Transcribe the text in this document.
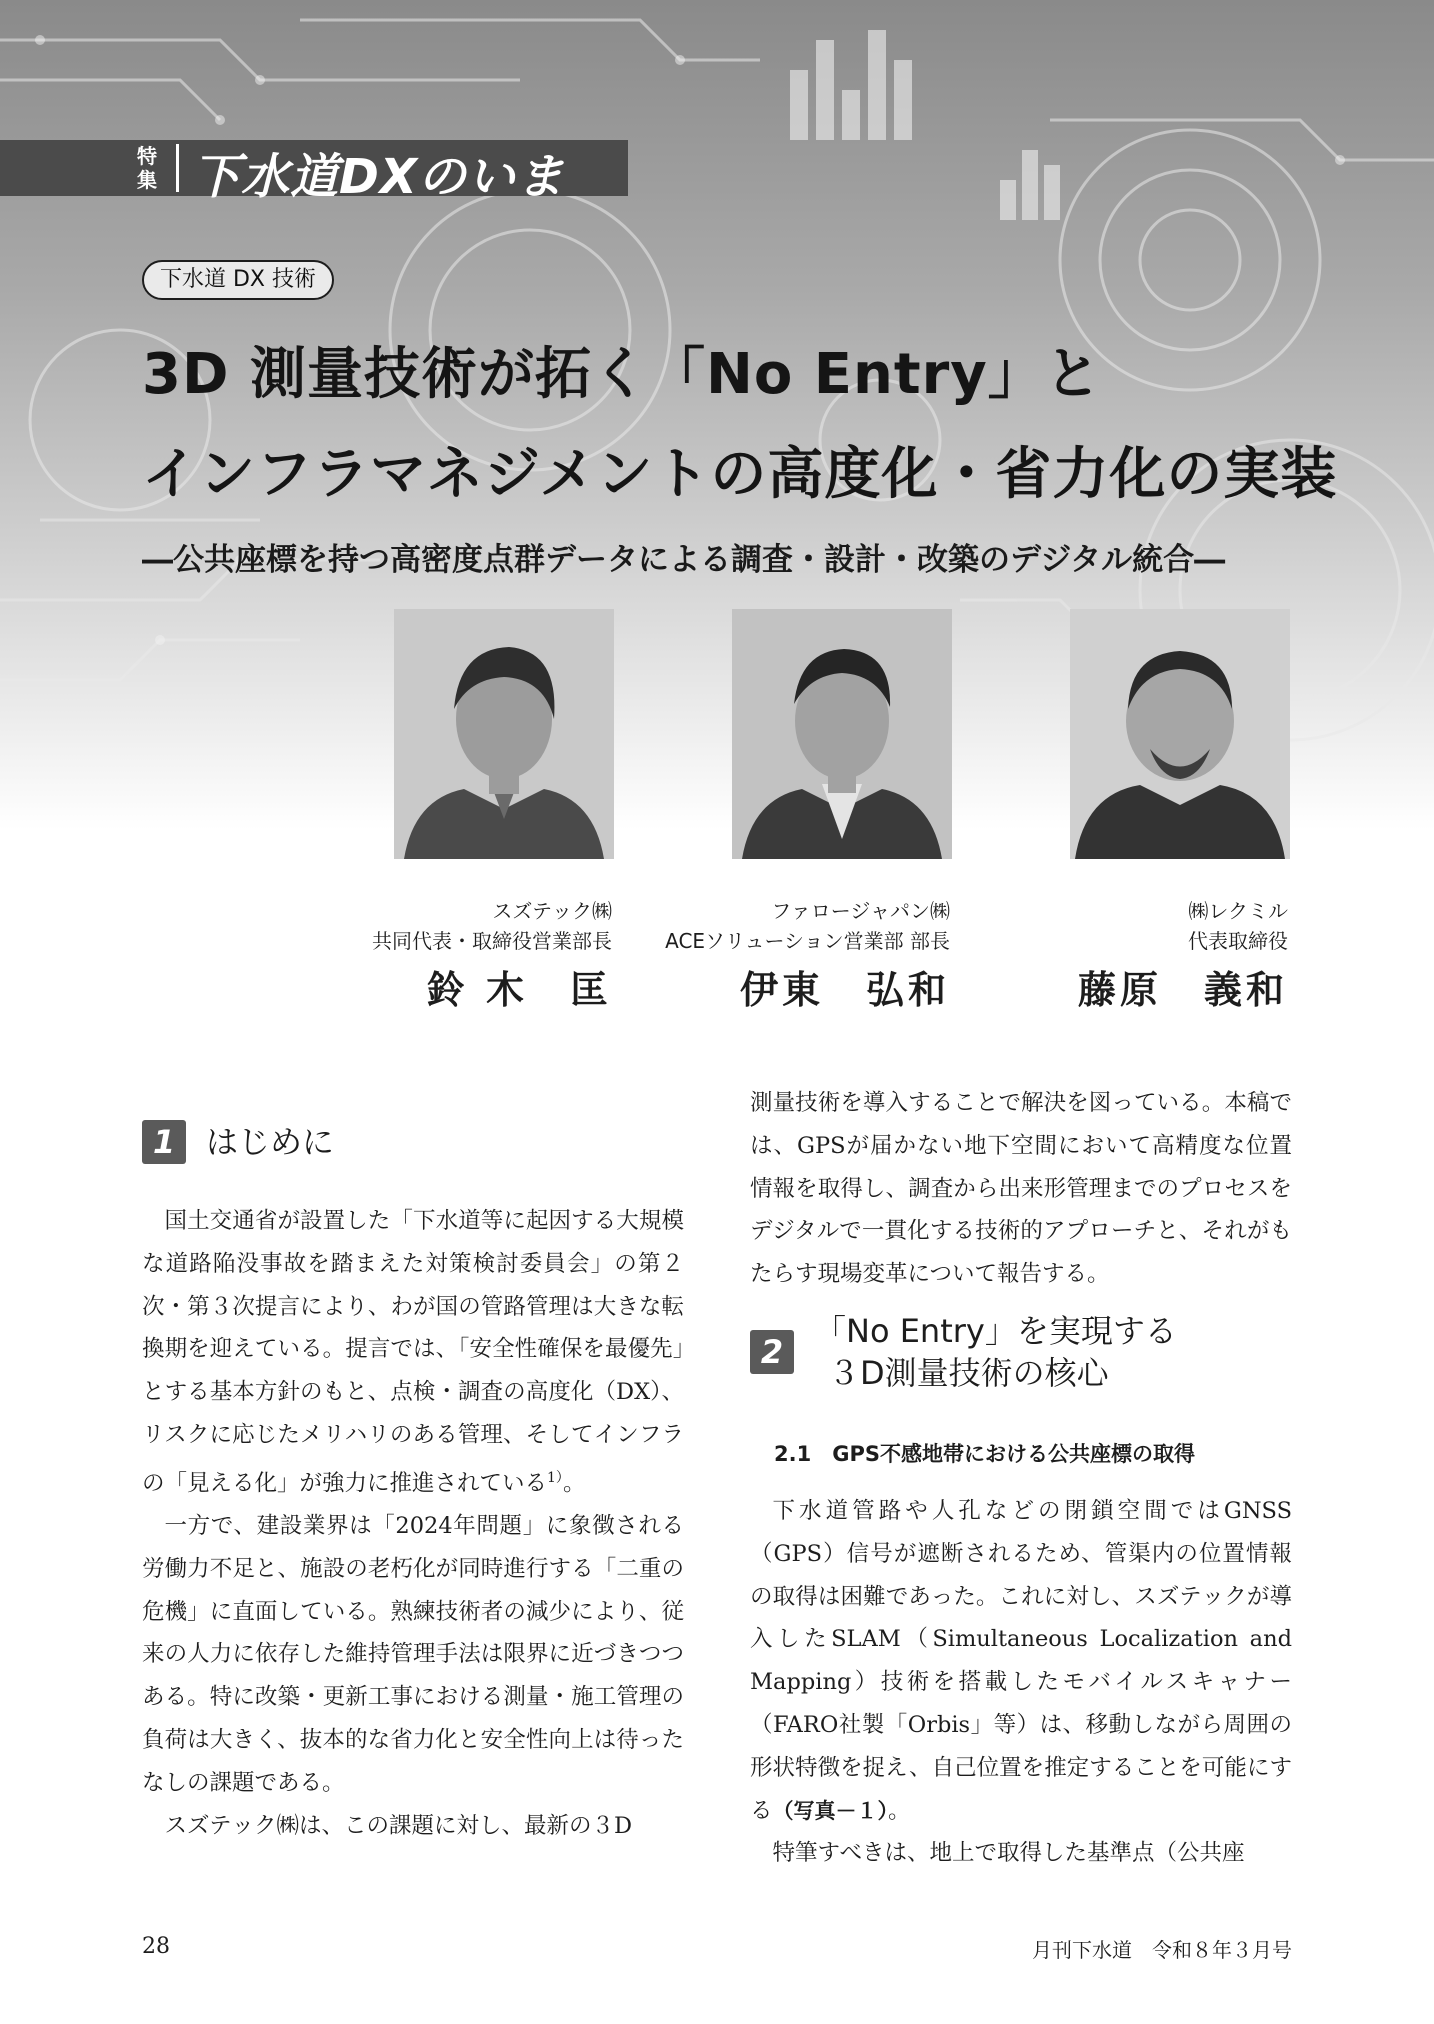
特集 下水道DXのいま
下水道 DX 技術
3D 測量技術が拓く「No Entry」と
インフラマネジメントの高度化・省力化の実装
―公共座標を持つ高密度点群データによる調査・設計・改築のデジタル統合―
スズテック㈱
共同代表・取締役営業部長
鈴 木　匡
ファロージャパン㈱
ACEソリューション営業部 部長
伊東　弘和
㈱レクミル
代表取締役
藤原　義和
1 はじめに

国土交通省が設置した「下水道等に起因する大規模な道路陥没事故を踏まえた対策検討委員会」の第２次・第３次提言により、わが国の管路管理は大きな転換期を迎えている。提言では、「安全性確保を最優先」とする基本方針のもと、点検・調査の高度化（DX）、リスクに応じたメリハリのある管理、そしてインフラの「見える化」が強力に推進されている$^{1)}$。

一方で、建設業界は「2024年問題」に象徴される労働力不足と、施設の老朽化が同時進行する「二重の危機」に直面している。熟練技術者の減少により、従来の人力に依存した維持管理手法は限界に近づきつつある。特に改築・更新工事における測量・施工管理の負荷は大きく、抜本的な省力化と安全性向上は待ったなしの課題である。

スズテック㈱は、この課題に対し、最新の３D

測量技術を導入することで解決を図っている。本稿では、GPSが届かない地下空間において高精度な位置情報を取得し、調査から出来形管理までのプロセスをデジタルで一貫化する技術的アプローチと、それがもたらす現場変革について報告する。

2
「No Entry」を実現する
３D測量技術の核心
2.1　GPS不感地帯における公共座標の取得

下水道管路や人孔などの閉鎖空間ではGNSS（GPS）信号が遮断されるため、管渠内の位置情報の取得は困難であった。これに対し、スズテックが導入したSLAM（Simultaneous Localization and Mapping）技術を搭載したモバイルスキャナー（FARO社製「Orbis」等）は、移動しながら周囲の形状特徴を捉え、自己位置を推定することを可能にする（写真－１）。

特筆すべきは、地上で取得した基準点（公共座

28	月刊下水道　令和８年３月号
